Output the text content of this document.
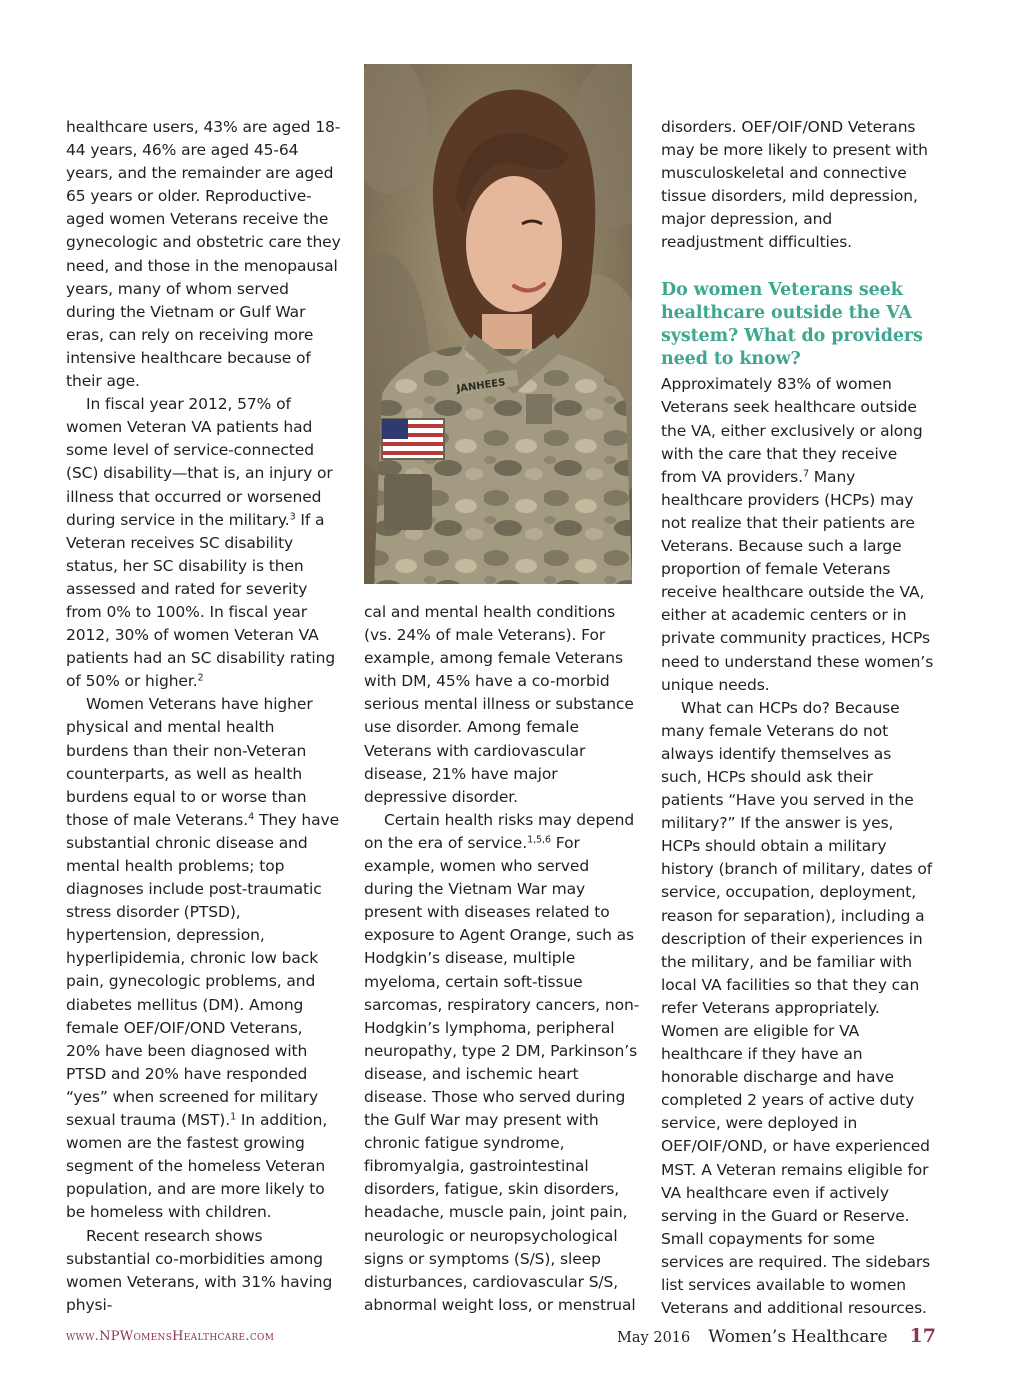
healthcare users, 43% are aged 18-44 years, 46% are aged 45-64 years, and the remainder are aged 65 years or older. Reproductive-aged women Veterans receive the gynecologic and obstetric care they need, and those in the menopausal years, many of whom served during the Vietnam or Gulf War eras, can rely on receiving more intensive healthcare because of their age.

In fiscal year 2012, 57% of women Veteran VA patients had some level of service-connected (SC) disability—that is, an injury or illness that occurred or worsened during service in the military.$^3$ If a Veteran receives SC disability status, her SC disability is then assessed and rated for severity from 0% to 100%. In fiscal year 2012, 30% of women Veteran VA patients had an SC disability rating of 50% or higher.$^2$

Women Veterans have higher physical and mental health burdens than their non-Veteran counterparts, as well as health burdens equal to or worse than those of male Veterans.$^4$ They have substantial chronic disease and mental health problems; top diagnoses include post-traumatic stress disorder (PTSD), hypertension, depression, hyperlipidemia, chronic low back pain, gynecologic problems, and diabetes mellitus (DM). Among female OEF/OIF/OND Veterans, 20% have been diagnosed with PTSD and 20% have responded “yes” when screened for military sexual trauma (MST).$^1$ In addition, women are the fastest growing segment of the homeless Veteran population, and are more likely to be homeless with children.

Recent research shows substantial co-morbidities among women Veterans, with 31% having physi-

JANHEES

cal and mental health conditions (vs. 24% of male Veterans). For example, among female Veterans with DM, 45% have a co-morbid serious mental illness or substance use disorder. Among female Veterans with cardiovascular disease, 21% have major depressive disorder.

Certain health risks may depend on the era of service.$^{1,5,6}$ For example, women who served during the Vietnam War may present with diseases related to exposure to Agent Orange, such as Hodgkin’s disease, multiple myeloma, certain soft-tissue sarcomas, respiratory cancers, non-Hodgkin’s lymphoma, peripheral neuropathy, type 2 DM, Parkinson’s disease, and ischemic heart disease. Those who served during the Gulf War may present with chronic fatigue syndrome, fibromyalgia, gastrointestinal disorders, fatigue, skin disorders, headache, muscle pain, joint pain, neurologic or neuropsychological signs or symptoms (S/S), sleep disturbances, cardiovascular S/S, abnormal weight loss, or menstrual

disorders. OEF/OIF/OND Veterans may be more likely to present with musculoskeletal and connective tissue disorders, mild depression, major depression, and readjustment difficulties.

Do women Veterans seek healthcare outside the VA system? What do providers need to know?

Approximately 83% of women Veterans seek healthcare outside the VA, either exclusively or along with the care that they receive from VA providers.$^7$ Many healthcare providers (HCPs) may not realize that their patients are Veterans. Because such a large proportion of female Veterans receive healthcare outside the VA, either at academic centers or in private community practices, HCPs need to understand these women’s unique needs.

What can HCPs do? Because many female Veterans do not always identify themselves as such, HCPs should ask their patients “Have you served in the military?” If the answer is yes, HCPs should obtain a military history (branch of military, dates of service, occupation, deployment, reason for separation), including a description of their experiences in the military, and be familiar with local VA facilities so that they can refer Veterans appropriately. Women are eligible for VA healthcare if they have an honorable discharge and have completed 2 years of active duty service, were deployed in OEF/OIF/OND, or have experienced MST. A Veteran remains eligible for VA healthcare even if actively serving in the Guard or Reserve. Small copayments for some services are required. The sidebars list services available to women Veterans and additional resources.

www.NPWomensHealthcare.com	May 2016 Women’s Healthcare 17
